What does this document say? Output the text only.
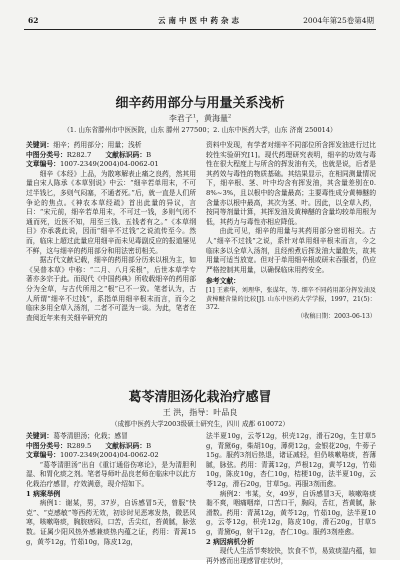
62	云南中医中药杂志	2004年第25卷第4期
细辛药用部分与用量关系浅析
李君子$^1$，黄海量$^2$
（1. 山东省滕州市中医医院，山东 滕州 277500；2. 山东中医药大学，山东 济南 250014）

关键词：细辛；药用部分；用量；浅析

中图分类号：R282.7 文献标识码：B

文章编号：1007-2349(2004)04-0062-01

细辛《本经》上品，为散寒解表止痛之良药，然其用量自宋人陈承《本草别说》中云：“细辛若单用末，不可过半钱匕，多则气闷塞，不通者死。”后，就一直是人们所争论的焦点。《神农本草经疏》首出此量的异议，言曰：“宋元前，细辛若单用末，不可过一钱，多则气闭不通而死，近医不知，用至三钱、五钱者有之。”《本草纲目》亦承袭此说，因而“细辛不过钱”之说流传至今。然而，临床上超过此量应用细辛而未见毒副反应的报道屡见不鲜，这与细辛的药用部分和用法密切相关。

据古代文献记载，细辛的药用部分历来以根为主，如《吴普本草》中称：“二月、八月采根”，后世本草学专著亦多宗于此。而现代《中国药典》所收载细辛的药用部分为全草，与古代所用之“根”已不一致。笔者认为，古人所谓“细辛不过钱”，系指单用细辛根末而言，而今之临床多用全草入汤剂，二者不可混为一谈。为此，笔者在查阅近年来有关细辛研究的

资料中发现，有学者对细辛不同部位所含挥发油进行过比较性实验研究[1]。现代药理研究表明，细辛的功效与毒性在很大程度上与所含的挥发油有关，也就是说，后者是其药效与毒性的物质基础。其结果显示，在相同测量情况下，细辛根、茎、叶中均含有挥发油，其含量差别在0.8%~3%，且以根中的含量最高；主要毒性成分黄樟醚的含量亦以根中最高，其次为茎、叶。因此，以全草入药，按同等剂量计算，其挥发油及黄樟醚的含量均较单用根为低，其药力与毒性亦相应降低。

由此可见，细辛的用量与其药用部分密切相关。古人“细辛不过钱”之说，系针对单用细辛根末而言，今之临床多以全草入汤剂，且经煎煮后挥发油大量散失，故其用量可适当放宽。但对于单用细辛根或研末吞服者，仍应严格控制其用量，以确保临床用药安全。

参考文献：

[1] 王素华，刘理华，张谋年，等. 细辛不同药用部分挥发油及黄樟醚含量的比较[J]. 山东中医药大学学报，1997，21(5)：372.

（收稿日期：2003-06-13）

葛苓清胆汤化栽治疗感冒
王 洪，指导：叶品良
（成都中医药大学2003级硕士研究生，四川 成都 610072）

关键词：葛苓清胆汤；化栽；感冒

中图分类号：R289.5 文献标识码：B

文章编号：1007-2349(2004)04-0062-02

“葛苓清胆汤”出自《重订通俗伤寒论》，是为清胆利湿、和胃化痰之剂。笔者导师叶品良老师在临床中以此方化栽治疗感冒，疗效满意，现介绍如下。

1 病案举例

病例1：谢某，男，37岁，自诉感冒5天，曾服“快克”、“克感敏”等西药无效，初诊时见恶寒发热，微恶风寒，咳嗽咯痰，胸脘痞闷，口苦，舌尖红，苔黄腻，脉弦数。证属少阳风热外感兼痰热内蕴之证，药用：青蒿15g，黄芩12g，竹茹10g，陈皮12g，

法半夏10g，云苓12g，枳壳12g，滑石20g，生甘草5g，青黛6g，柴胡10g，薄荷12g，金银花20g，牛蒡子15g。服药3剂后热退，诸证减轻，但仍咳嗽咯痰，苔薄腻，脉弦。药用：青蒿12g，芦根12g，黄芩12g，竹茹10g，陈皮10g，杏仁10g，桔梗10g，法半夏10g，云苓12g，滑石20g，甘草5g。再服3剂而愈。

病例2：韦某，女，49岁，自诉感冒3天，咳嗽咯痰黏不爽，咽痛咽痒，口苦口干，胸闷，舌红，苔黄腻，脉滑数。药用：青蒿12g，黄芩12g，竹茹10g，法半夏10g，云苓12g，枳壳12g，陈皮10g，滑石20g，甘草5g，青黛6g，射干12g，杏仁10g。服药3剂痊愈。

2 病因病机分析

现代人生活节奏较快，饮食不节，易致痰湿内蕴，如再外感而出现感冒症状时，
